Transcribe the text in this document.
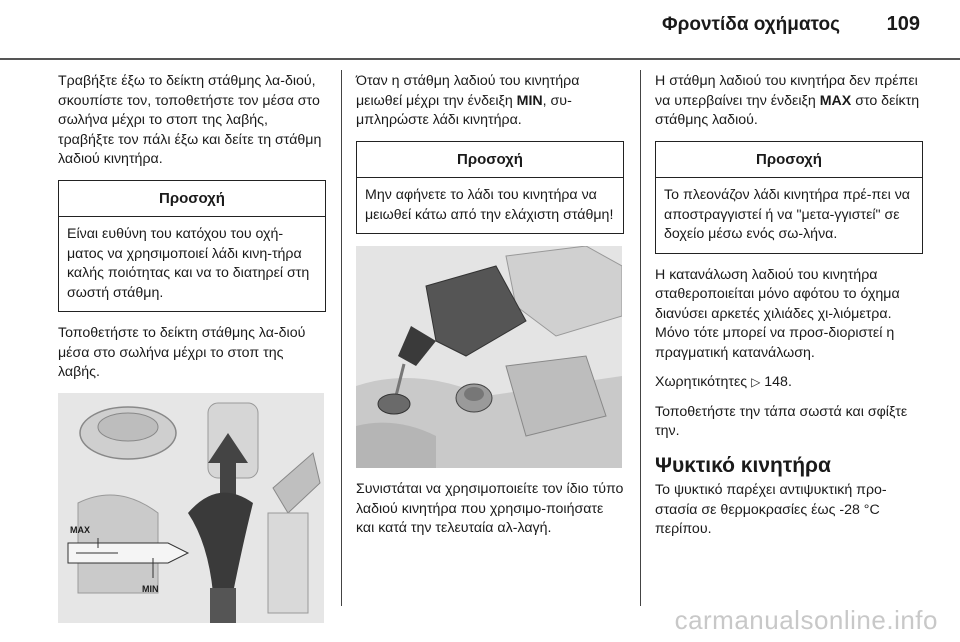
Φροντίδα οχήματος 109

Τραβήξτε έξω το δείκτη στάθμης λα-διού, σκουπίστε τον, τοποθετήστε τον μέσα στο σωλήνα μέχρι το στοπ της λαβής, τραβήξτε τον πάλι έξω και δείτε τη στάθμη λαδιού κινητήρα.

Προσοχή
Είναι ευθύνη του κατόχου του οχή-ματος να χρησιμοποιεί λάδι κινη-τήρα καλής ποιότητας και να το διατηρεί στη σωστή στάθμη.

Τοποθετήστε το δείκτη στάθμης λα-διού μέσα στο σωλήνα μέχρι το στοπ της λαβής.

MAX
MIN

Όταν η στάθμη λαδιού του κινητήρα μειωθεί μέχρι την ένδειξη MIN, συ-μπληρώστε λάδι κινητήρα.

Προσοχή
Μην αφήνετε το λάδι του κινητήρα να μειωθεί κάτω από την ελάχιστη στάθμη!

Συνιστάται να χρησιμοποιείτε τον ίδιο τύπο λαδιού κινητήρα που χρησιμο-ποιήσατε και κατά την τελευταία αλ-λαγή.

Η στάθμη λαδιού του κινητήρα δεν πρέπει να υπερβαίνει την ένδειξη MAX στο δείκτη στάθμης λαδιού.

Προσοχή
Το πλεονάζον λάδι κινητήρα πρέ-πει να αποστραγγιστεί ή να "μετα-γγιστεί" σε δοχείο μέσω ενός σω-λήνα.

Η κατανάλωση λαδιού του κινητήρα σταθεροποιείται μόνο αφότου το όχημα διανύσει αρκετές χιλιάδες χι-λιόμετρα. Μόνο τότε μπορεί να προσ-διοριστεί η πραγματική κατανάλωση.

Χωρητικότητες ▷ 148.

Τοποθετήστε την τάπα σωστά και σφίξτε την.

Ψυκτικό κινητήρα

Το ψυκτικό παρέχει αντιψυκτική προ-στασία σε θερμοκρασίες έως -28 °C περίπου.

carmanualsonline.info
